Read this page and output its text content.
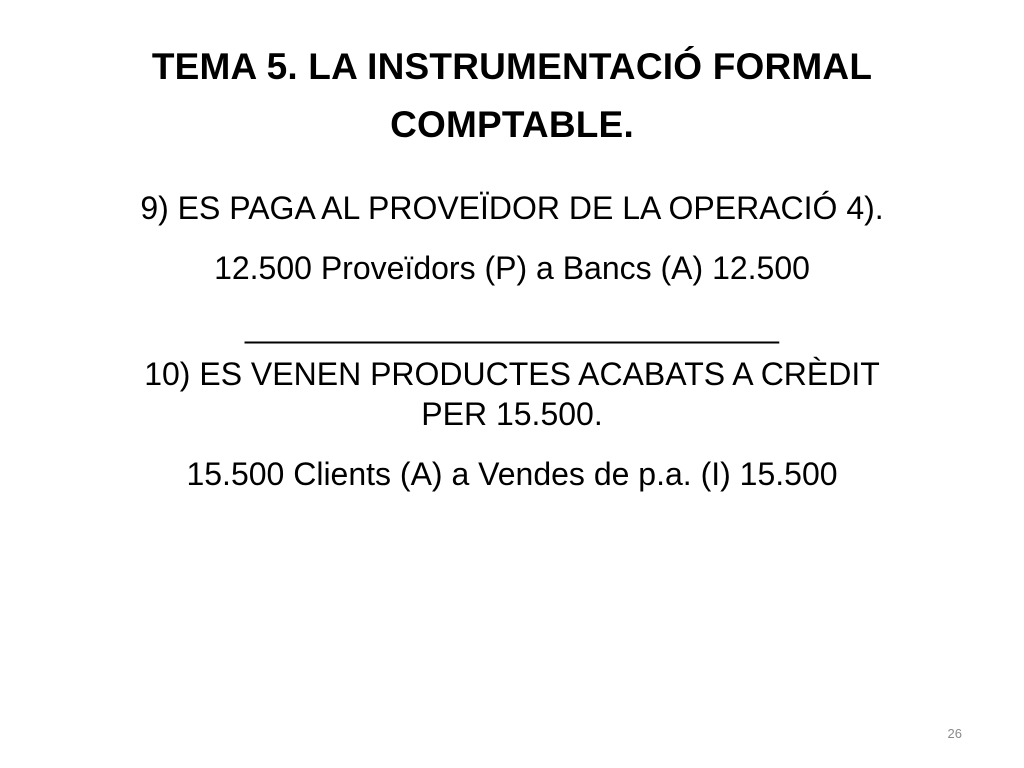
TEMA 5. LA INSTRUMENTACIÓ FORMAL
COMPTABLE.

9) ES PAGA AL PROVEÏDOR DE LA OPERACIÓ 4).

12.500 Proveïdors (P) a Bancs (A) 12.500

______________________________

10) ES VENEN PRODUCTES ACABATS A CRÈDIT
PER 15.500.

15.500 Clients (A) a Vendes de p.a. (I) 15.500

26
